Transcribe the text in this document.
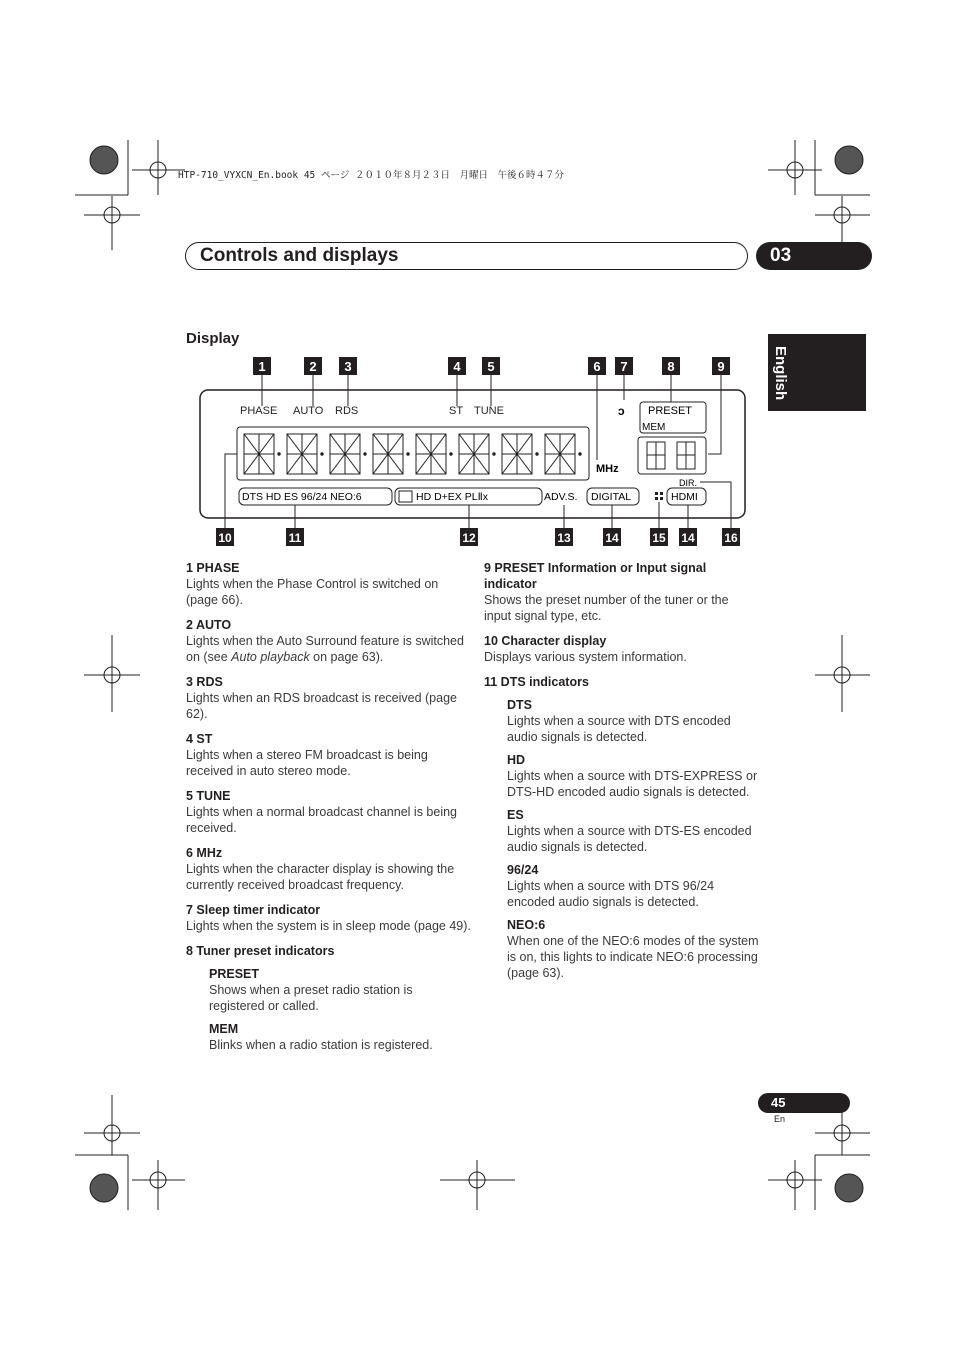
HTP-710_VYXCN_En.book 45 ページ ２０１０年８月２３日　月曜日　午後６時４７分
Controls and displays	03
English
Display
1	2 3	4 5	6 7	8	9
10	11	12	13	14	15 14 16
PHASE AUTO RDS	ST TUNE	ↄ PRESET
MEM
MHz
DIR.
DTS HD ES 96/24 NEO:6	HD D+EX PLⅡx	ADV.S. DIGITAL	HDMI
1 PHASE
Lights when the Phase Control is switched on (page 66).
2 AUTO
Lights when the Auto Surround feature is switched on (see Auto playback on page 63).
3 RDS
Lights when an RDS broadcast is received (page 62).
4 ST
Lights when a stereo FM broadcast is being received in auto stereo mode.
5 TUNE
Lights when a normal broadcast channel is being received.
6 MHz
Lights when the character display is showing the currently received broadcast frequency.
7 Sleep timer indicator
Lights when the system is in sleep mode (page 49).
8 Tuner preset indicators
PRESET
Shows when a preset radio station is registered or called.
MEM
Blinks when a radio station is registered.
9 PRESET Information or Input signal indicator
Shows the preset number of the tuner or the input signal type, etc.
10 Character display
Displays various system information.
11 DTS indicators
DTS
Lights when a source with DTS encoded audio signals is detected.
HD
Lights when a source with DTS-EXPRESS or DTS-HD encoded audio signals is detected.
ES
Lights when a source with DTS-ES encoded audio signals is detected.
96/24
Lights when a source with DTS 96/24 encoded audio signals is detected.
NEO:6
When one of the NEO:6 modes of the system is on, this lights to indicate NEO:6 processing (page 63).
45
En
